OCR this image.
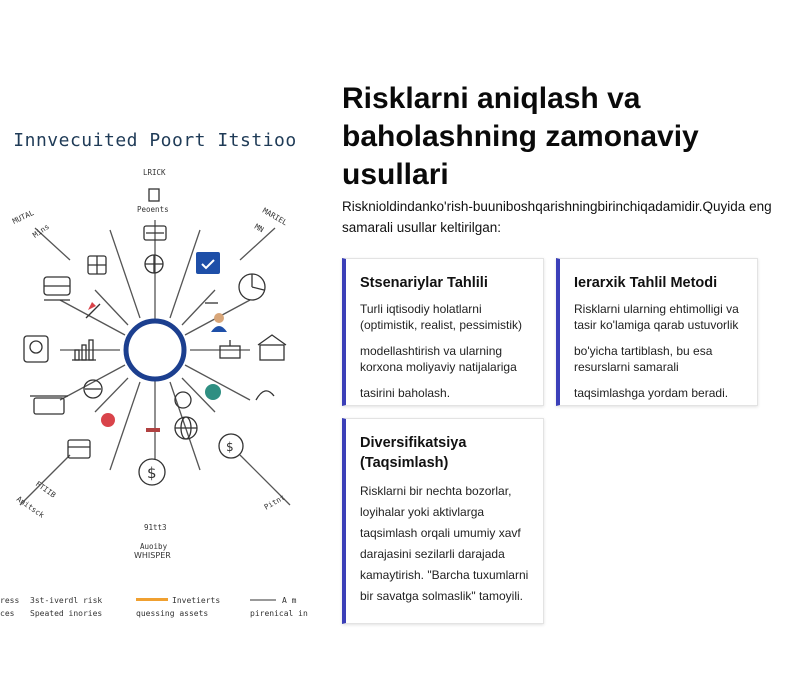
Innvecuited Poort Itstioo
$
$
LRICK
Peoents
MUTAL
Mins
MARIEL
MN
FTIIB
Anitsck	Pitnt
91tt3
Auoiby
WHISPER
ress 3st-iverdl risk	Invetierts	A m
ces Speated inories	quessing assets	pirenical in
Risklarni aniqlash va baholashning zamonaviy usullari

Risknioldindanko'rish-buuniboshqarishningbirinchiqadamidir.Quyida eng samarali usullar keltirilgan:

Stsenariylar Tahlili
Turli iqtisodiy holatlarni (optimistik, realist, pessimistik)
modellashtirish va ularning korxona moliyaviy natijalariga
tasirini baholash.
Ierarxik Tahlil Metodi
Risklarni ularning ehtimolligi va tasir ko'lamiga qarab ustuvorlik
bo'yicha tartiblash, bu esa resurslarni samarali
taqsimlashga yordam beradi.
Diversifikatsiya (Taqsimlash)
Risklarni bir nechta bozorlar, loyihalar yoki aktivlarga taqsimlash orqali umumiy xavf darajasini sezilarli darajada kamaytirish. "Barcha tuxumlarni bir savatga solmaslik" tamoyili.
